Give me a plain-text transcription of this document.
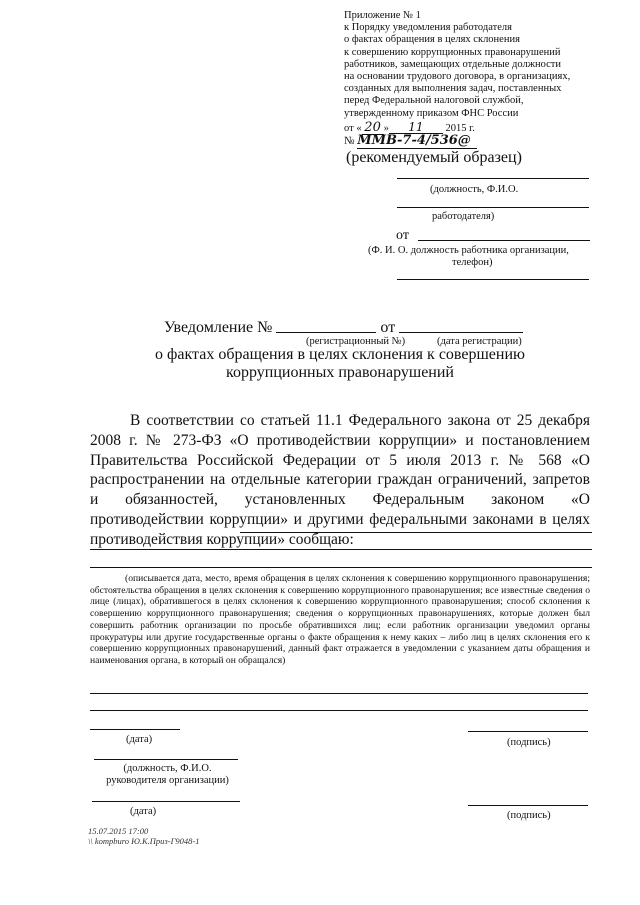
Приложение № 1
к Порядку уведомления работодателя
о фактах обращения в целях склонения
к совершению коррупционных правонарушений
работников, замещающих отдельные должности
на основании трудового договора, в организациях,
созданных для выполнения задач, поставленных
перед Федеральной налоговой службой,
утвержденному приказом ФНС России
от « 20 » 11 2015 г.
№ ММВ-7-4/536@
(рекомендуемый образец)
(должность, Ф.И.О.
работодателя)
от
(Ф. И. О. должность работника организации,
телефон)
Уведомление №	от
(регистрационный №)	(дата регистрации)
о фактах обращения в целях склонения к совершению
коррупционных правонарушений

В соответствии со статьей 11.1 Федерального закона от 25 декабря 2008 г. № 273-ФЗ «О противодействии коррупции» и постановлением Правительства Российской Федерации от 5 июля 2013 г. № 568 «О распространении на отдельные категории граждан ограничений, запретов и обязанностей, установленных Федеральным законом «О противодействии коррупции» и другими федеральными законами в целях противодействия коррупции» сообщаю:

(описывается дата, место, время обращения в целях склонения к совершению коррупционного правонарушения; обстоятельства обращения в целях склонения к совершению коррупционного правонарушения; все известные сведения о лице (лицах), обратившегося в целях склонения к совершению коррупционного правонарушения; способ склонения к совершению коррупционного правонарушения; сведения о коррупционных правонарушениях, которые должен был совершить работник организации по просьбе обратившихся лиц; если работник организации уведомил органы прокуратуры или другие государственные органы о факте обращения к нему каких – либо лиц в целях склонения его к совершению коррупционных правонарушений, данный факт отражается в уведомлении с указанием даты обращения и наименования органа, в который он обращался)

(дата)	(подпись)
(должность, Ф.И.О.
руководителя организации)
(дата)	(подпись)
15.07.2015 17:00
\\ kompburo Ю.К.Приз-Г9048-1
